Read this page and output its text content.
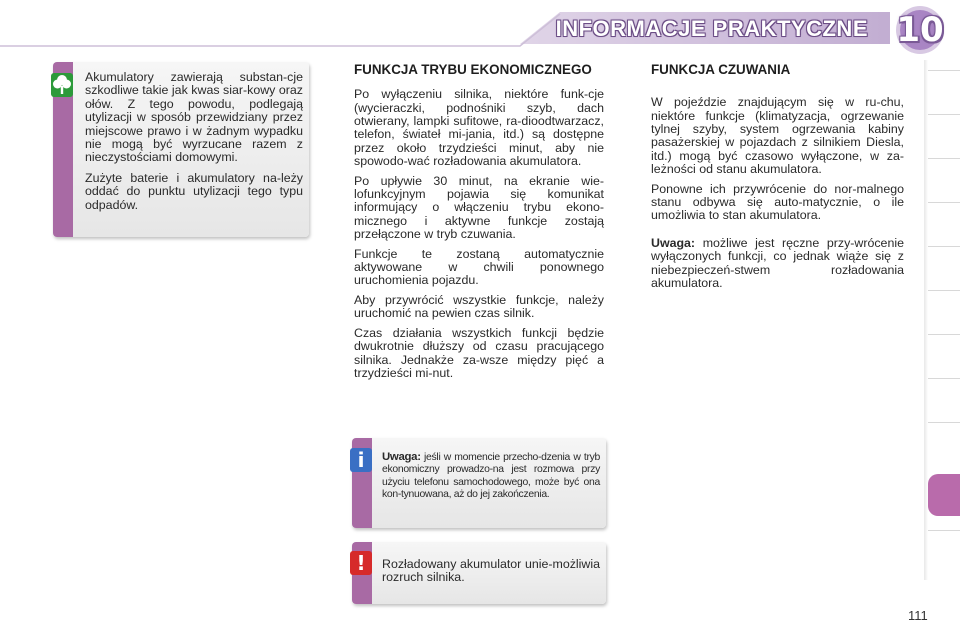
INFORMACJE PRAKTYCZNE 10

Akumulatory zawierają substan-cje szkodliwe takie jak kwas siar-kowy oraz ołów. Z tego powodu, podlegają utylizacji w sposób przewidziany przez miejscowe prawo i w żadnym wypadku nie mogą być wyrzucane razem z nieczystościami domowymi.

Zużyte baterie i akumulatory na-leży oddać do punktu utylizacji tego typu odpadów.

FUNKCJA TRYBU EKONOMICZNEGO

Po wyłączeniu silnika, niektóre funk-cje (wycieraczki, podnośniki szyb, dach otwierany, lampki sufitowe, ra-dioodtwarzacz, telefon, świateł mi-jania, itd.) są dostępne przez około trzydzieści minut, aby nie spowodo-wać rozładowania akumulatora.

Po upływie 30 minut, na ekranie wie-lofunkcyjnym pojawia się komunikat informujący o włączeniu trybu ekono-micznego i aktywne funkcje zostają przełączone w tryb czuwania.

Funkcje te zostaną automatycznie aktywowane w chwili ponownego uruchomienia pojazdu.

Aby przywrócić wszystkie funkcje, należy uruchomić na pewien czas silnik.

Czas działania wszystkich funkcji będzie dwukrotnie dłuższy od czasu pracującego silnika. Jednakże za-wsze między pięć a trzydzieści mi-nut.

i	Uwaga: jeśli w momencie przecho-dzenia w tryb ekonomiczny prowadzo-na jest rozmowa przy użyciu telefonu samochodowego, może być ona kon-tynuowana, aż do jej zakończenia.
!	Rozładowany akumulator unie-możliwia rozruch silnika.
FUNKCJA CZUWANIA

W pojeździe znajdującym się w ru-chu, niektóre funkcje (klimatyzacja, ogrzewanie tylnej szyby, system ogrzewania kabiny pasażerskiej w pojazdach z silnikiem Diesla, itd.) mogą być czasowo wyłączone, w za-leżności od stanu akumulatora.

Ponowne ich przywrócenie do nor-malnego stanu odbywa się auto-matycznie, o ile umożliwia to stan akumulatora.

Uwaga: możliwe jest ręczne przy-wrócenie wyłączonych funkcji, co jednak wiąże się z niebezpieczeń-stwem rozładowania akumulatora.

111
